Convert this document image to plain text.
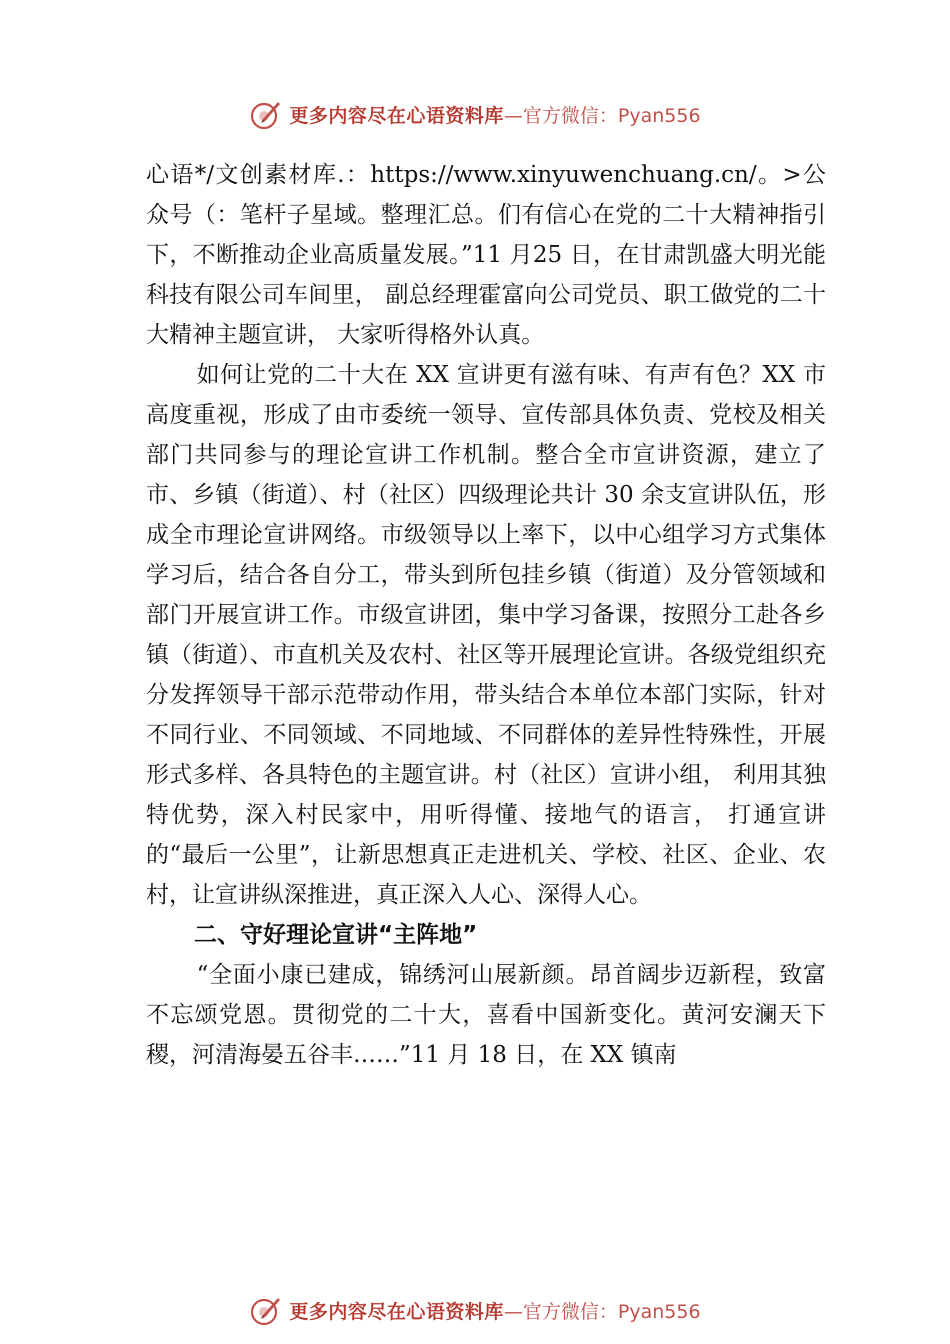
更多内容尽在心语资料库 —官方微信：Pyan556

心语*/文创素材库.：https://www.xinyuwenchuang.cn/。>公众号（：笔杆子星域。整理汇总。们有信心在党的二十大精神指引下，不断推动企业高质量发展。”11 月25 日，在甘肃凯盛大明光能科技有限公司车间里， 副总经理霍富向公司党员、职工做党的二十大精神主题宣讲， 大家听得格外认真。

如何让党的二十大在 XX 宣讲更有滋有味、有声有色？XX 市高度重视，形成了由市委统一领导、宣传部具体负责、党校及相关部门共同参与的理论宣讲工作机制。整合全市宣讲资源，建立了市、乡镇（街道）、村（社区）四级理论共计 30 余支宣讲队伍，形成全市理论宣讲网络。市级领导以上率下，以中心组学习方式集体学习后，结合各自分工，带头到所包挂乡镇（街道）及分管领域和部门开展宣讲工作。市级宣讲团，集中学习备课，按照分工赴各乡镇（街道）、市直机关及农村、社区等开展理论宣讲。各级党组织充分发挥领导干部示范带动作用，带头结合本单位本部门实际，针对不同行业、不同领域、不同地域、不同群体的差异性特殊性，开展形式多样、各具特色的主题宣讲。村（社区）宣讲小组， 利用其独特优势，深入村民家中，用听得懂、接地气的语言， 打通宣讲的“最后一公里”，让新思想真正走进机关、学校、社区、企业、农村，让宣讲纵深推进，真正深入人心、深得人心。

二、守好理论宣讲“主阵地”

“全面小康已建成，锦绣河山展新颜。昂首阔步迈新程，致富不忘颂党恩。贯彻党的二十大，喜看中国新变化。黄河安澜天下稷，河清海晏五谷丰……”11 月 18 日，在 XX 镇南

更多内容尽在心语资料库 —官方微信：Pyan556
